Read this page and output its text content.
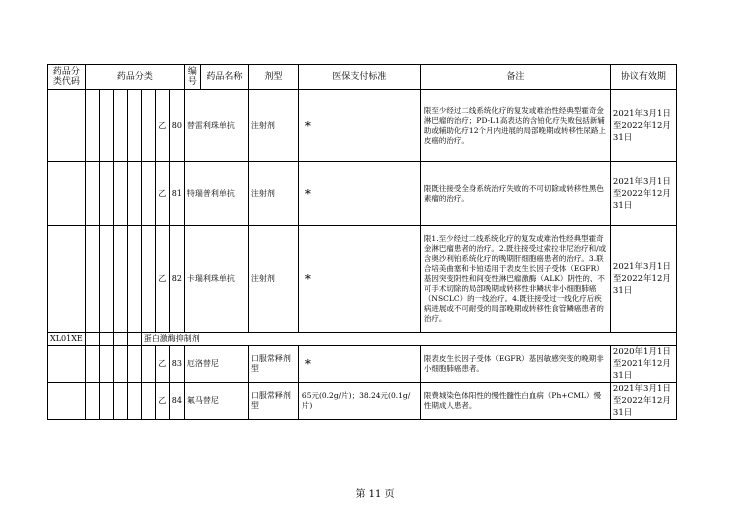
药品分类代码	药品分类							编号	药品名称	剂型	医保支付标准	备注	协议有效期
						乙	80	替雷利珠单抗		注射剂	*	限至少经过二线系统化疗的复发或难治性经典型霍奇金淋巴瘤的治疗；PD-L1高表达的含铂化疗失败包括新辅助或辅助化疗12个月内进展的局部晚期或转移性尿路上皮癌的治疗。	2021年3月1日至2022年12月31日
						乙	81	特瑞普利单抗		注射剂	*	限既往接受全身系统治疗失败的不可切除或转移性黑色素瘤的治疗。	2021年3月1日至2022年12月31日
						乙	82	卡瑞利珠单抗		注射剂	*	限1.至少经过二线系统化疗的复发或难治性经典型霍奇金淋巴瘤患者的治疗。2.既往接受过索拉非尼治疗和/或含奥沙利铂系统化疗的晚期肝细胞癌患者的治疗。3.联合培美曲塞和卡铂适用于表皮生长因子受体（EGFR）基因突变阴性和间变性淋巴瘤激酶（ALK）阴性的、不可手术切除的局部晚期或转移性非鳞状非小细胞肺癌（NSCLC）的一线治疗。4.既往接受过一线化疗后疾病进展或不可耐受的局部晚期或转移性食管鳞癌患者的治疗。	2021年3月1日至2022年12月31日
XL01XE					蛋白激酶抑制剂								
						乙	83	厄洛替尼		口服常释剂型	*	限表皮生长因子受体（EGFR）基因敏感突变的晚期非小细胞肺癌患者。	2020年1月1日至2021年12月31日
						乙	84	氟马替尼		口服常释剂型	65元(0.2g/片)；38.24元(0.1g/片)	限费城染色体阳性的慢性髓性白血病（Ph+CML）慢性期成人患者。	2021年3月1日至2022年12月31日
第 11 页
